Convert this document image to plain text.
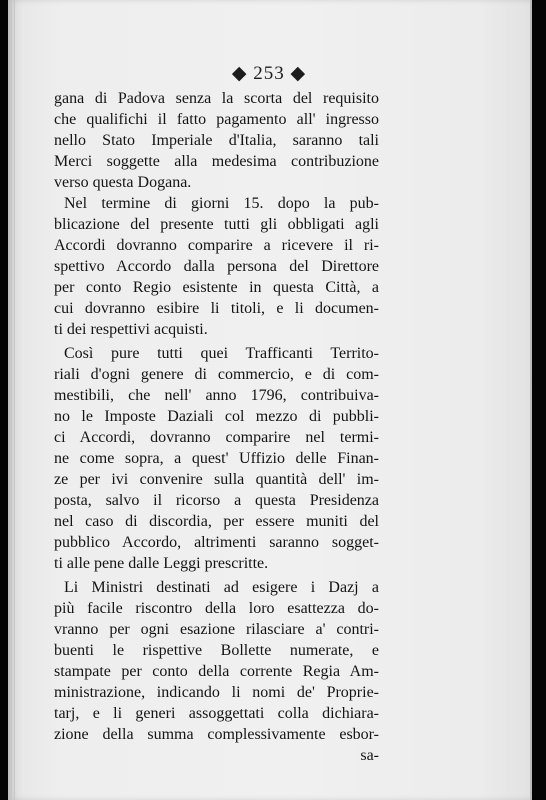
◆ 253 ◆
gana di Padova senza la scorta del requisito
che qualifichi il fatto pagamento all' ingresso
nello Stato Imperiale d'Italia, saranno tali
Merci soggette alla medesima contribuzione
verso questa Dogana.
Nel termine di giorni 15. dopo la pub-
blicazione del presente tutti gli obbligati agli
Accordi dovranno comparire a ricevere il ri-
spettivo Accordo dalla persona del Direttore
per conto Regio esistente in questa Città, a
cui dovranno esibire li titoli, e li documen-
ti dei respettivi acquisti.
Così pure tutti quei Trafficanti Territo-
riali d'ogni genere di commercio, e di com-
mestibili, che nell' anno 1796, contribuiva-
no le Imposte Daziali col mezzo di pubbli-
ci Accordi, dovranno comparire nel termi-
ne come sopra, a quest' Uffizio delle Finan-
ze per ivi convenire sulla quantità dell' im-
posta, salvo il ricorso a questa Presidenza
nel caso di discordia, per essere muniti del
pubblico Accordo, altrimenti saranno sogget-
ti alle pene dalle Leggi prescritte.
Li Ministri destinati ad esigere i Dazj a
più facile riscontro della loro esattezza do-
vranno per ogni esazione rilasciare a' contri-
buenti le rispettive Bollette numerate, e
stampate per conto della corrente Regia Am-
ministrazione, indicando li nomi de' Proprie-
tarj, e li generi assoggettati colla dichiara-
zione della summa complessivamente esbor-
sa-
